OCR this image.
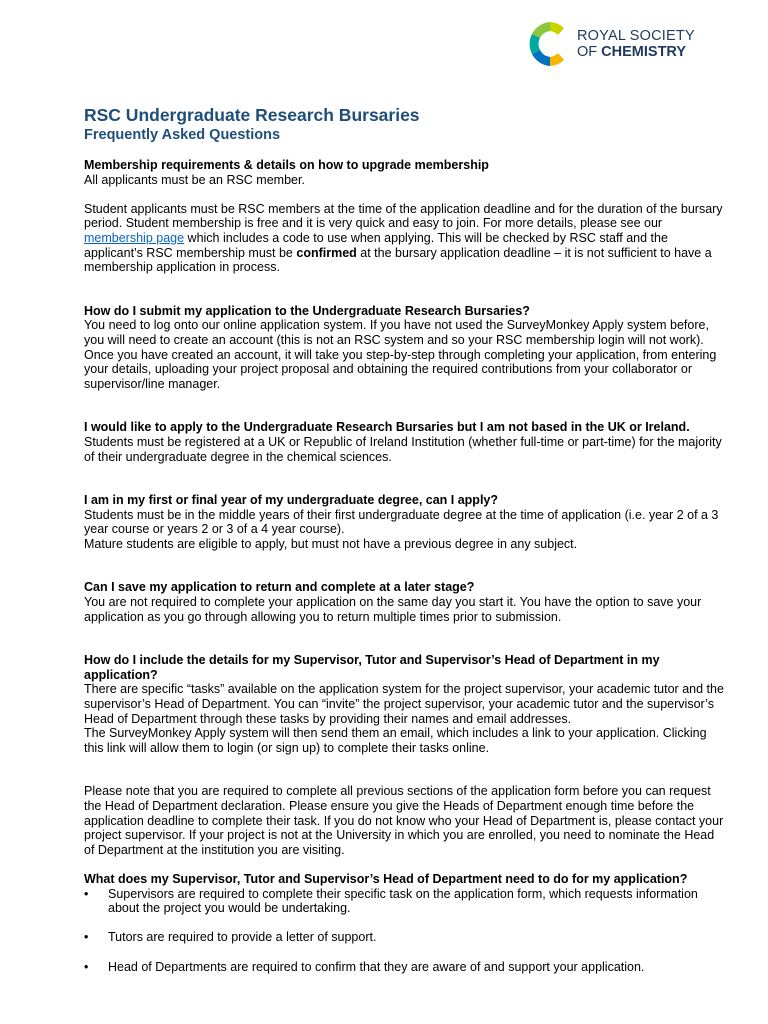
ROYAL SOCIETY
OF CHEMISTRY
RSC Undergraduate Research Bursaries
Frequently Asked Questions

Membership requirements & details on how to upgrade membership

All applicants must be an RSC member.

Student applicants must be RSC members at the time of the application deadline and for the duration of the bursary period. Student membership is free and it is very quick and easy to join. For more details, please see our membership page which includes a code to use when applying. This will be checked by RSC staff and the applicant’s RSC membership must be confirmed at the bursary application deadline – it is not sufficient to have a membership application in process.

How do I submit my application to the Undergraduate Research Bursaries?

You need to log onto our online application system. If you have not used the SurveyMonkey Apply system before, you will need to create an account (this is not an RSC system and so your RSC membership login will not work). Once you have created an account, it will take you step-by-step through completing your application, from entering your details, uploading your project proposal and obtaining the required contributions from your collaborator or supervisor/line manager.

I would like to apply to the Undergraduate Research Bursaries but I am not based in the UK or Ireland.

Students must be registered at a UK or Republic of Ireland Institution (whether full-time or part-time) for the majority of their undergraduate degree in the chemical sciences.

I am in my first or final year of my undergraduate degree, can I apply?

Students must be in the middle years of their first undergraduate degree at the time of application (i.e. year 2 of a 3 year course or years 2 or 3 of a 4 year course).

Mature students are eligible to apply, but must not have a previous degree in any subject.

Can I save my application to return and complete at a later stage?

You are not required to complete your application on the same day you start it. You have the option to save your application as you go through allowing you to return multiple times prior to submission.

How do I include the details for my Supervisor, Tutor and Supervisor’s Head of Department in my application?

There are specific “tasks” available on the application system for the project supervisor, your academic tutor and the supervisor’s Head of Department. You can “invite” the project supervisor, your academic tutor and the supervisor’s Head of Department through these tasks by providing their names and email addresses.

The SurveyMonkey Apply system will then send them an email, which includes a link to your application. Clicking this link will allow them to login (or sign up) to complete their tasks online.

Please note that you are required to complete all previous sections of the application form before you can request the Head of Department declaration. Please ensure you give the Heads of Department enough time before the application deadline to complete their task. If you do not know who your Head of Department is, please contact your project supervisor. If your project is not at the University in which you are enrolled, you need to nominate the Head of Department at the institution you are visiting.

What does my Supervisor, Tutor and Supervisor’s Head of Department need to do for my application?

• Supervisors are required to complete their specific task on the application form, which requests information about the project you would be undertaking.
• Tutors are required to provide a letter of support.
• Head of Departments are required to confirm that they are aware of and support your application.
